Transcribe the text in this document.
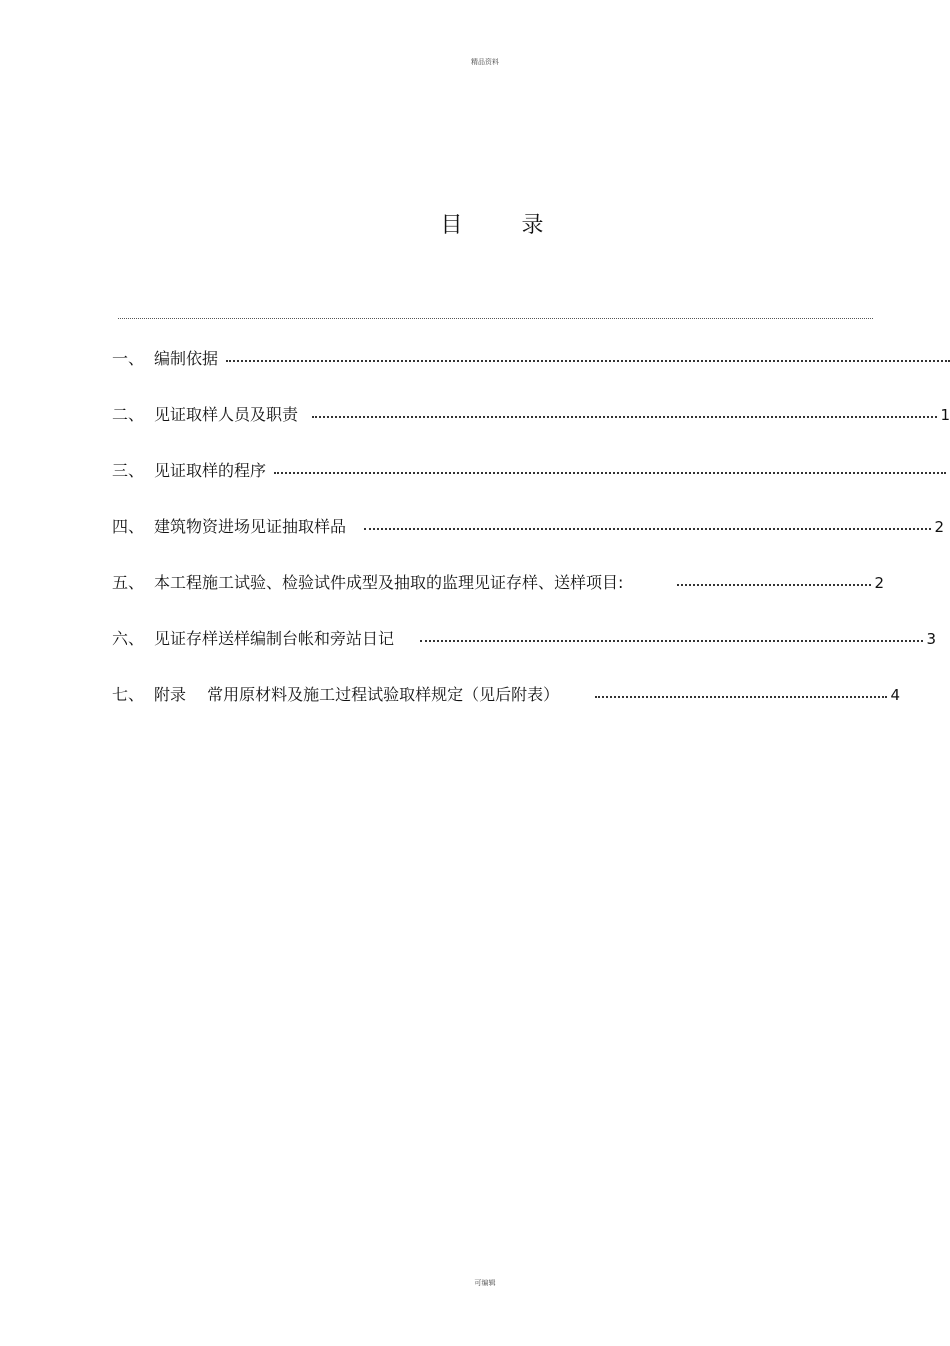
精品资料
目 录
一、 编制依据
二、 见证取样人员及职责	1
三、 见证取样的程序
四、 建筑物资进场见证抽取样品	2
五、 本工程施工试验、检验试件成型及抽取的监理见证存样、送样项目:	2
六、 见证存样送样编制台帐和旁站日记	3
七、 附录　 常用原材料及施工过程试验取样规定（见后附表）	4
可编辑
